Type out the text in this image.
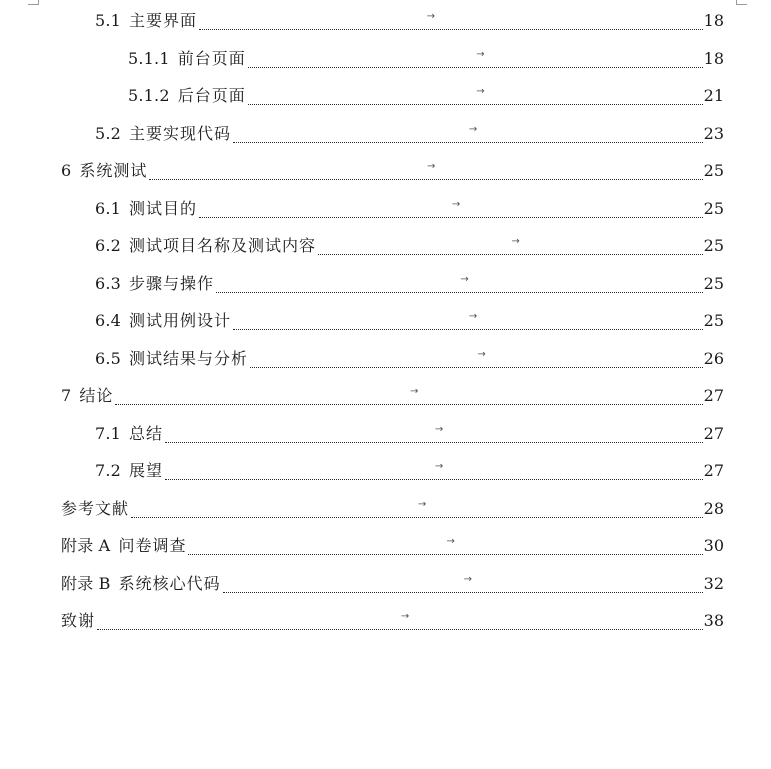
5.1 主要界面	→	18
5.1.1 前台页面	→	18
5.1.2 后台页面	→	21
5.2 主要实现代码	→	23
6 系统测试	→	25
6.1 测试目的	→	25
6.2 测试项目名称及测试内容	→	25
6.3 步骤与操作	→	25
6.4 测试用例设计	→	25
6.5 测试结果与分析	→	26
7 结论	→	27
7.1 总结	→	27
7.2 展望	→	27
参考文献	→	28
附录 A 问卷调查	→	30
附录 B 系统核心代码	→	32
致谢	→	38
